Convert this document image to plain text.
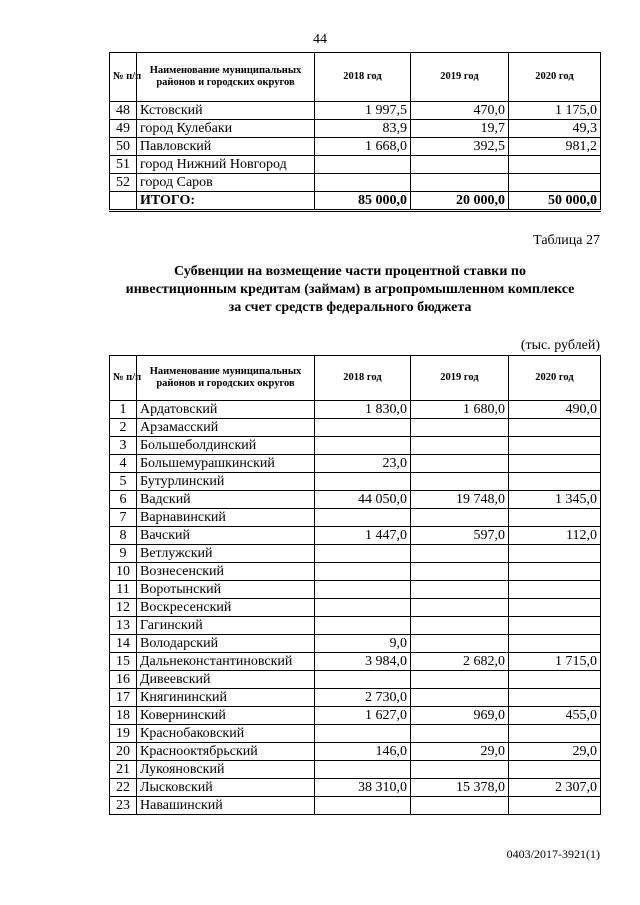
44
№ п/п	Наименование муниципальных районов и городских округов	2018 год	2019 год	2020 год
48	Кстовский	1 997,5	470,0	1 175,0
49	город Кулебаки	83,9	19,7	49,3
50	Павловский	1 668,0	392,5	981,2
51	город Нижний Новгород			
52	город Саров			
	ИТОГО:	85 000,0	20 000,0	50 000,0
Таблица 27
Субвенции на возмещение части процентной ставки по
инвестиционным кредитам (займам) в агропромышленном комплексе
за счет средств федерального бюджета
(тыс. рублей)
№ п/п	Наименование муниципальных районов и городских округов	2018 год	2019 год	2020 год
1	Ардатовский	1 830,0	1 680,0	490,0
2	Арзамасский			
3	Большеболдинский			
4	Большемурашкинский	23,0		
5	Бутурлинский			
6	Вадский	44 050,0	19 748,0	1 345,0
7	Варнавинский			
8	Вачский	1 447,0	597,0	112,0
9	Ветлужский			
10	Вознесенский			
11	Воротынский			
12	Воскресенский			
13	Гагинский			
14	Володарский	9,0		
15	Дальнеконстантиновский	3 984,0	2 682,0	1 715,0
16	Дивеевский			
17	Княгининский	2 730,0		
18	Ковернинский	1 627,0	969,0	455,0
19	Краснобаковский			
20	Краснооктябрьский	146,0	29,0	29,0
21	Лукояновский			
22	Лысковский	38 310,0	15 378,0	2 307,0
23	Навашинский			
0403/2017-3921(1)
